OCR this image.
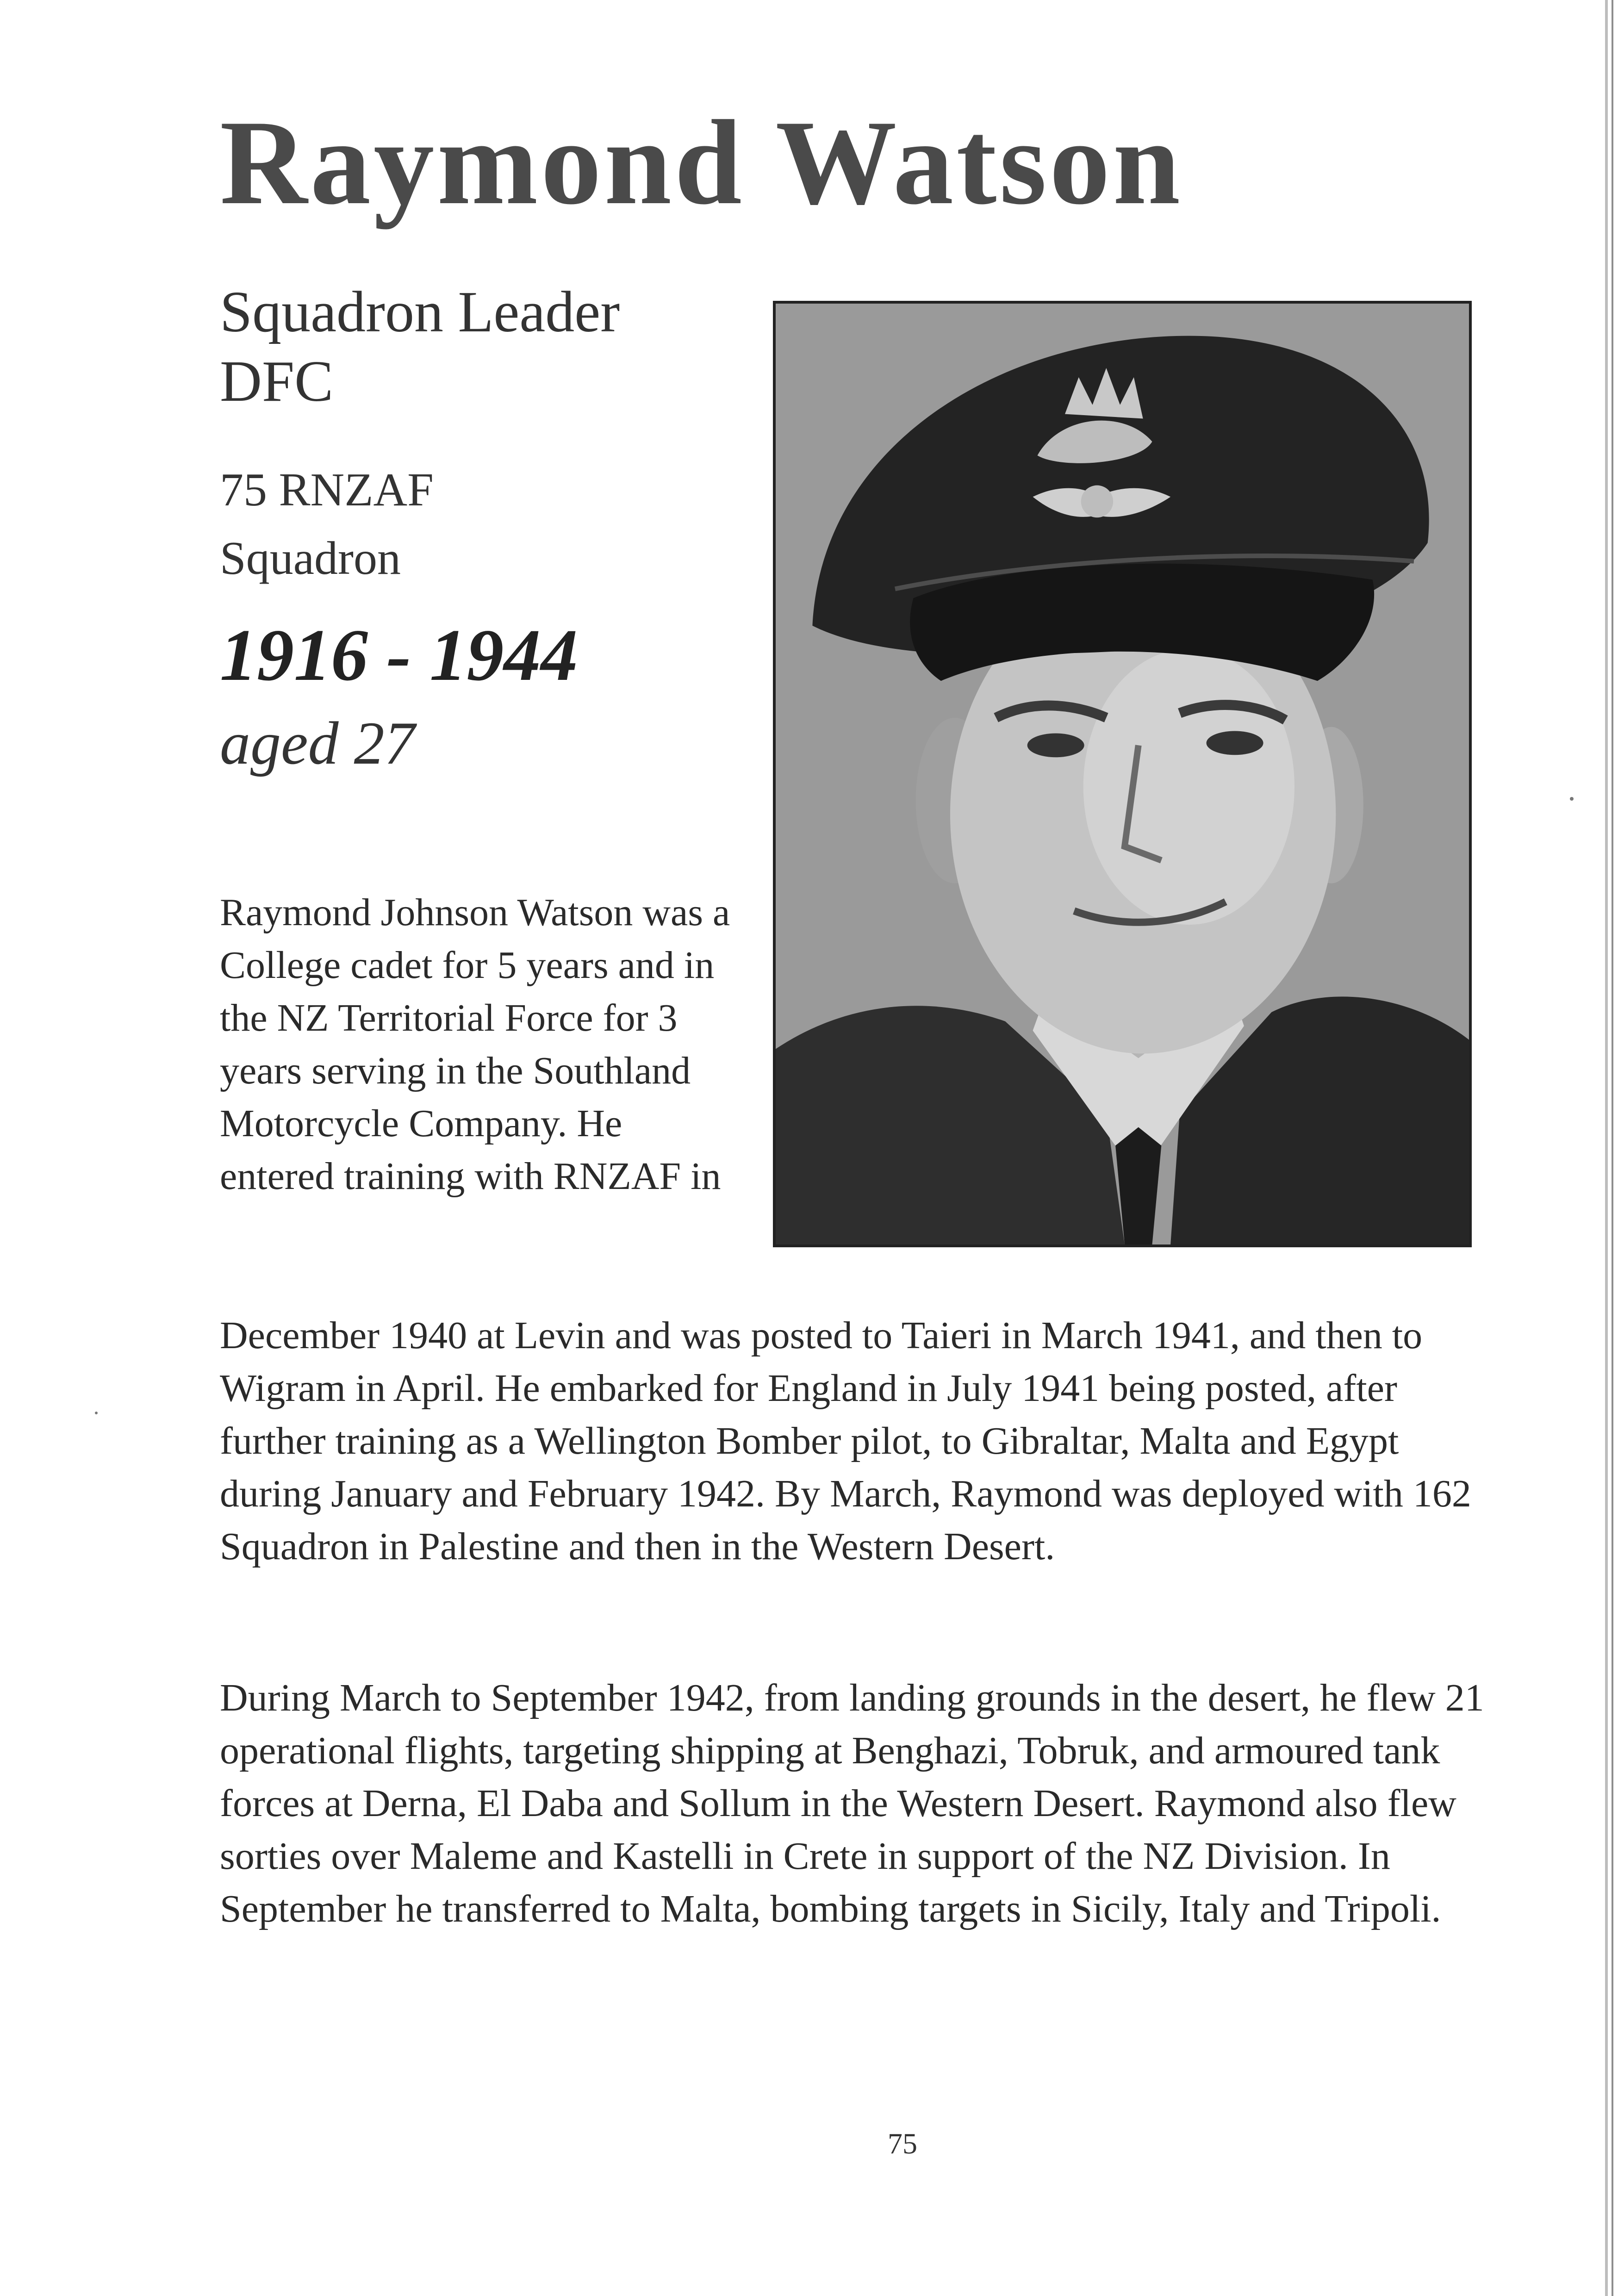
Raymond Watson
Squadron Leader DFC
75 RNZAF Squadron
1916 - 1944
aged 27

Raymond Johnson Watson was a College cadet for 5 years and in the NZ Territorial Force for 3 years serving in the Southland Motorcycle Company. He entered training with RNZAF in

December 1940 at Levin and was posted to Taieri in March 1941, and then to Wigram in April. He embarked for England in July 1941 being posted, after further training as a Wellington Bomber pilot, to Gibraltar, Malta and Egypt during January and February 1942. By March, Raymond was deployed with 162 Squadron in Palestine and then in the Western Desert.

During March to September 1942, from landing grounds in the desert, he flew 21 operational flights, targeting shipping at Benghazi, Tobruk, and armoured tank forces at Derna, El Daba and Sollum in the Western Desert. Raymond also flew sorties over Maleme and Kastelli in Crete in support of the NZ Division. In September he transferred to Malta, bombing targets in Sicily, Italy and Tripoli.

75
